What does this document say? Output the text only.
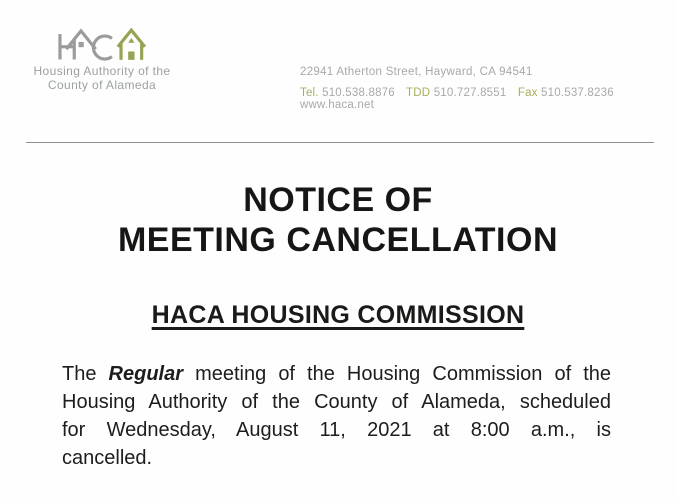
Housing Authority of the
County of Alameda
22941 Atherton Street, Hayward, CA 94541
Tel. 510.538.8876 TDD 510.727.8551 Fax 510.537.8236 www.haca.net
NOTICE OF
MEETING CANCELLATION
HACA HOUSING COMMISSION
The Regular meeting of the Housing Commission of the
Housing Authority of the County of Alameda, scheduled
for Wednesday, August 11, 2021 at 8:00 a.m., is
cancelled.
